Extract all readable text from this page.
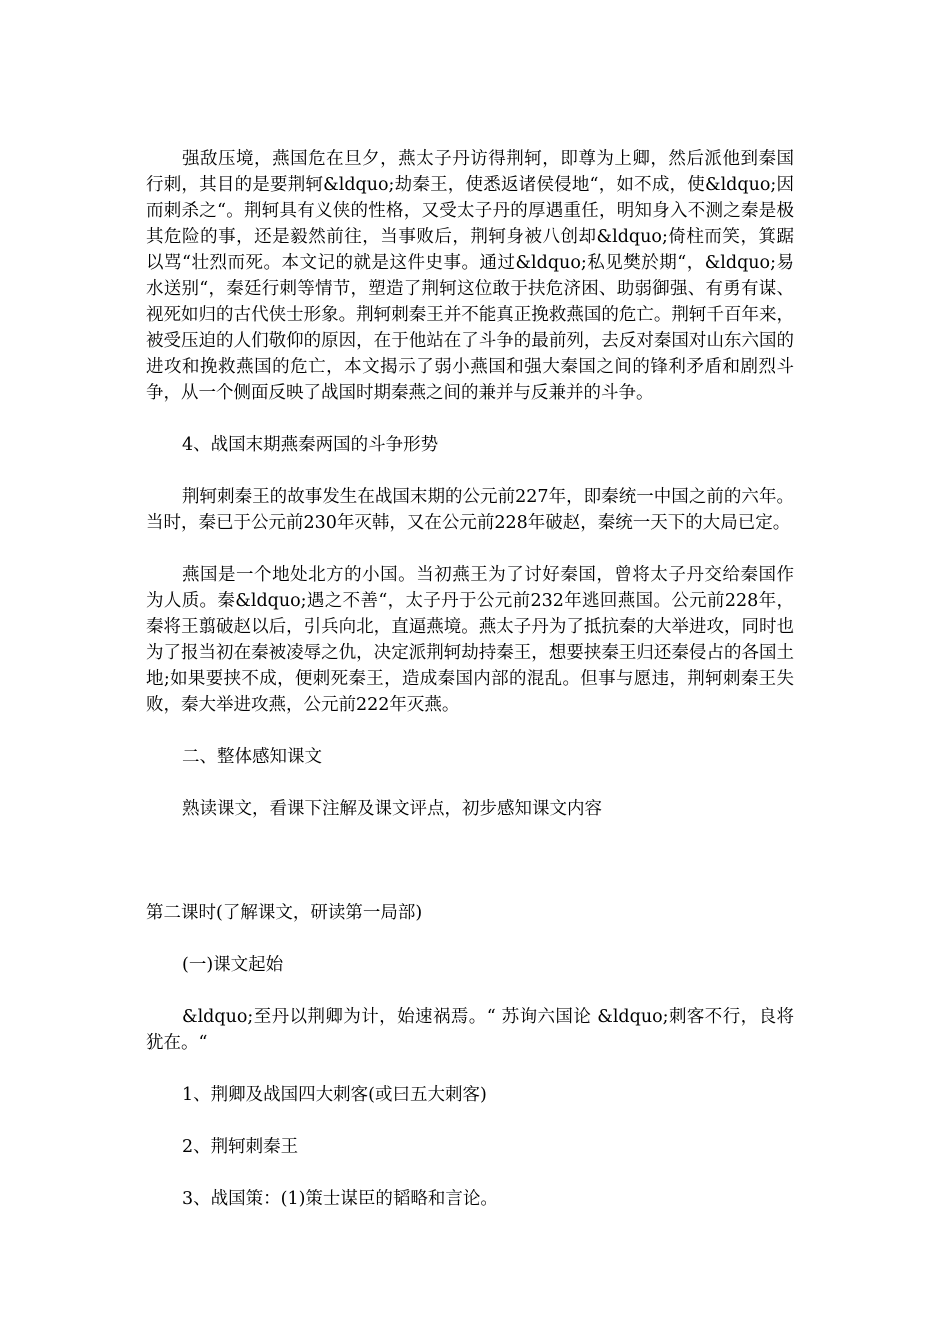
强敌压境，燕国危在旦夕，燕太子丹访得荆轲，即尊为上卿，然后派他到秦国行刺，其目的是要荆轲&ldquo;劫秦王，使悉返诸侯侵地“，如不成，使&ldquo;因而刺杀之“。荆轲具有义侠的性格，又受太子丹的厚遇重任，明知身入不测之秦是极其危险的事，还是毅然前往，当事败后，荆轲身被八创却&ldquo;倚柱而笑，箕踞以骂“壮烈而死。本文记的就是这件史事。通过&ldquo;私见樊於期“，&ldquo;易水送别“，秦廷行刺等情节，塑造了荆轲这位敢于扶危济困、助弱御强、有勇有谋、视死如归的古代侠士形象。荆轲刺秦王并不能真正挽救燕国的危亡。荆轲千百年来，被受压迫的人们敬仰的原因，在于他站在了斗争的最前列，去反对秦国对山东六国的进攻和挽救燕国的危亡，本文揭示了弱小燕国和强大秦国之间的锋利矛盾和剧烈斗争，从一个侧面反映了战国时期秦燕之间的兼并与反兼并的斗争。

4、战国末期燕秦两国的斗争形势

荆轲刺秦王的故事发生在战国末期的公元前227年，即秦统一中国之前的六年。当时，秦已于公元前230年灭韩，又在公元前228年破赵，秦统一天下的大局已定。

燕国是一个地处北方的小国。当初燕王为了讨好秦国，曾将太子丹交给秦国作为人质。秦&ldquo;遇之不善“，太子丹于公元前232年逃回燕国。公元前228年，秦将王翦破赵以后，引兵向北，直逼燕境。燕太子丹为了抵抗秦的大举进攻，同时也为了报当初在秦被凌辱之仇，决定派荆轲劫持秦王，想要挟秦王归还秦侵占的各国土地;如果要挟不成，便刺死秦王，造成秦国内部的混乱。但事与愿违，荆轲刺秦王失败，秦大举进攻燕，公元前222年灭燕。

二、整体感知课文

熟读课文，看课下注解及课文评点，初步感知课文内容

第二课时(了解课文，研读第一局部)

(一)课文起始

&ldquo;至丹以荆卿为计，始速祸焉。“ 苏询六国论 &ldquo;刺客不行，良将犹在。“

1、荆卿及战国四大刺客(或曰五大刺客)

2、荆轲刺秦王

3、战国策：(1)策士谋臣的韬略和言论。
